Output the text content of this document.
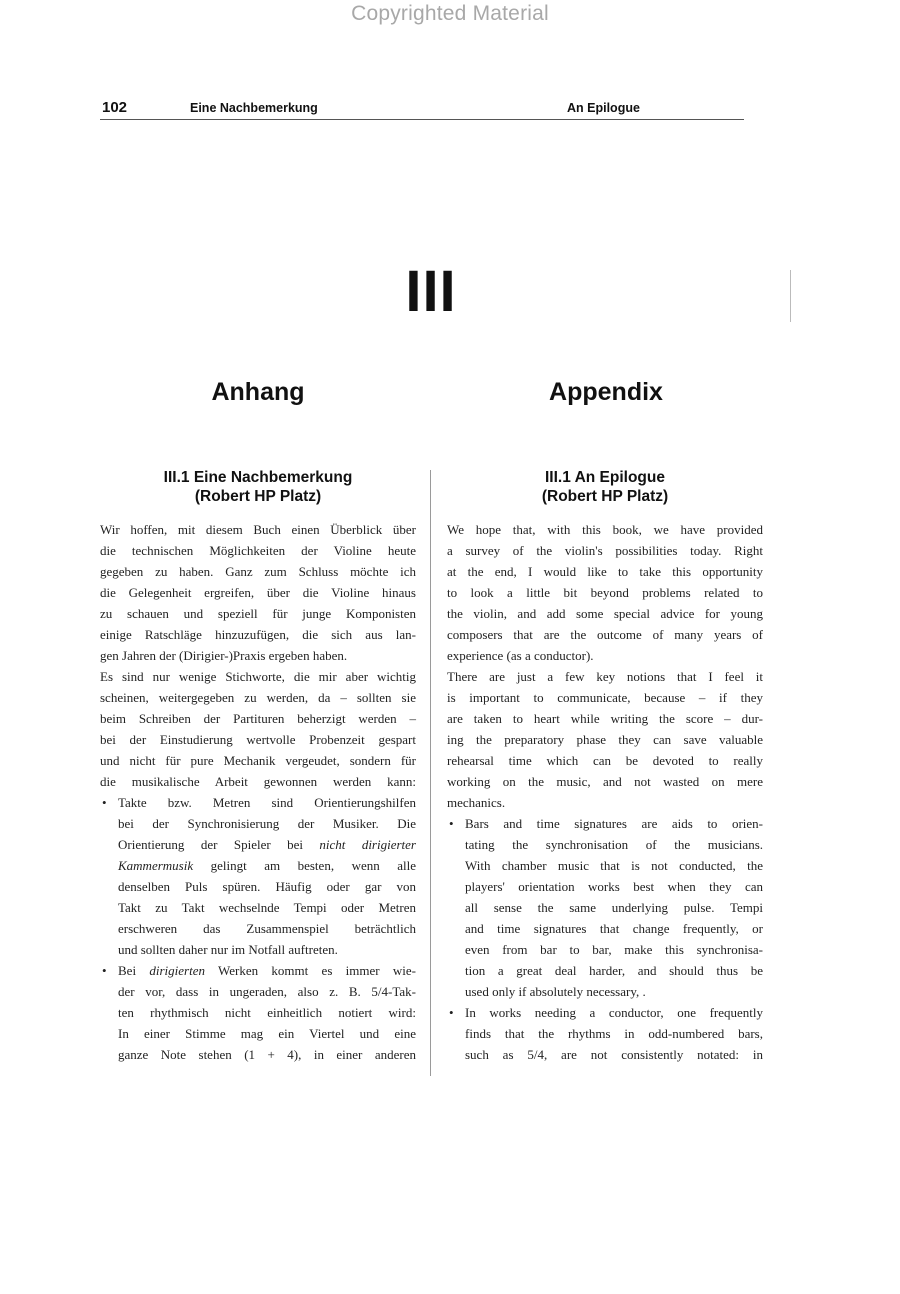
Copyrighted Material
102	Eine Nachbemerkung	An Epilogue
III
Anhang	Appendix
III.1 Eine Nachbemerkung
(Robert HP Platz)
Wir hoffen, mit diesem Buch einen Überblick über
die technischen Möglichkeiten der Violine heute
gegeben zu haben. Ganz zum Schluss möchte ich
die Gelegenheit ergreifen, über die Violine hinaus
zu schauen und speziell für junge Komponisten
einige Ratschläge hinzuzufügen, die sich aus lan-
gen Jahren der (Dirigier-)Praxis ergeben haben.
Es sind nur wenige Stichworte, die mir aber wichtig
scheinen, weitergegeben zu werden, da – sollten sie
beim Schreiben der Partituren beherzigt werden –
bei der Einstudierung wertvolle Probenzeit gespart
und nicht für pure Mechanik vergeudet, sondern für
die musikalische Arbeit gewonnen werden kann:
• Takte bzw. Metren sind Orientierungshilfen
bei der Synchronisierung der Musiker. Die
Orientierung der Spieler bei nicht dirigierter
Kammermusik gelingt am besten, wenn alle
denselben Puls spüren. Häufig oder gar von
Takt zu Takt wechselnde Tempi oder Metren
erschweren das Zusammenspiel beträchtlich
und sollten daher nur im Notfall auftreten.
• Bei dirigierten Werken kommt es immer wie-
der vor, dass in ungeraden, also z. B. 5/4-Tak-
ten rhythmisch nicht einheitlich notiert wird:
In einer Stimme mag ein Viertel und eine
ganze Note stehen (1 + 4), in einer anderen
III.1 An Epilogue
(Robert HP Platz)
We hope that, with this book, we have provided
a survey of the violin's possibilities today. Right
at the end, I would like to take this opportunity
to look a little bit beyond problems related to
the violin, and add some special advice for young
composers that are the outcome of many years of
experience (as a conductor).
There are just a few key notions that I feel it
is important to communicate, because – if they
are taken to heart while writing the score – dur-
ing the preparatory phase they can save valuable
rehearsal time which can be devoted to really
working on the music, and not wasted on mere
mechanics.
• Bars and time signatures are aids to orien-
tating the synchronisation of the musicians.
With chamber music that is not conducted, the
players' orientation works best when they can
all sense the same underlying pulse. Tempi
and time signatures that change frequently, or
even from bar to bar, make this synchronisa-
tion a great deal harder, and should thus be
used only if absolutely necessary, .
• In works needing a conductor, one frequently
finds that the rhythms in odd-numbered bars,
such as 5/4, are not consistently notated: in
